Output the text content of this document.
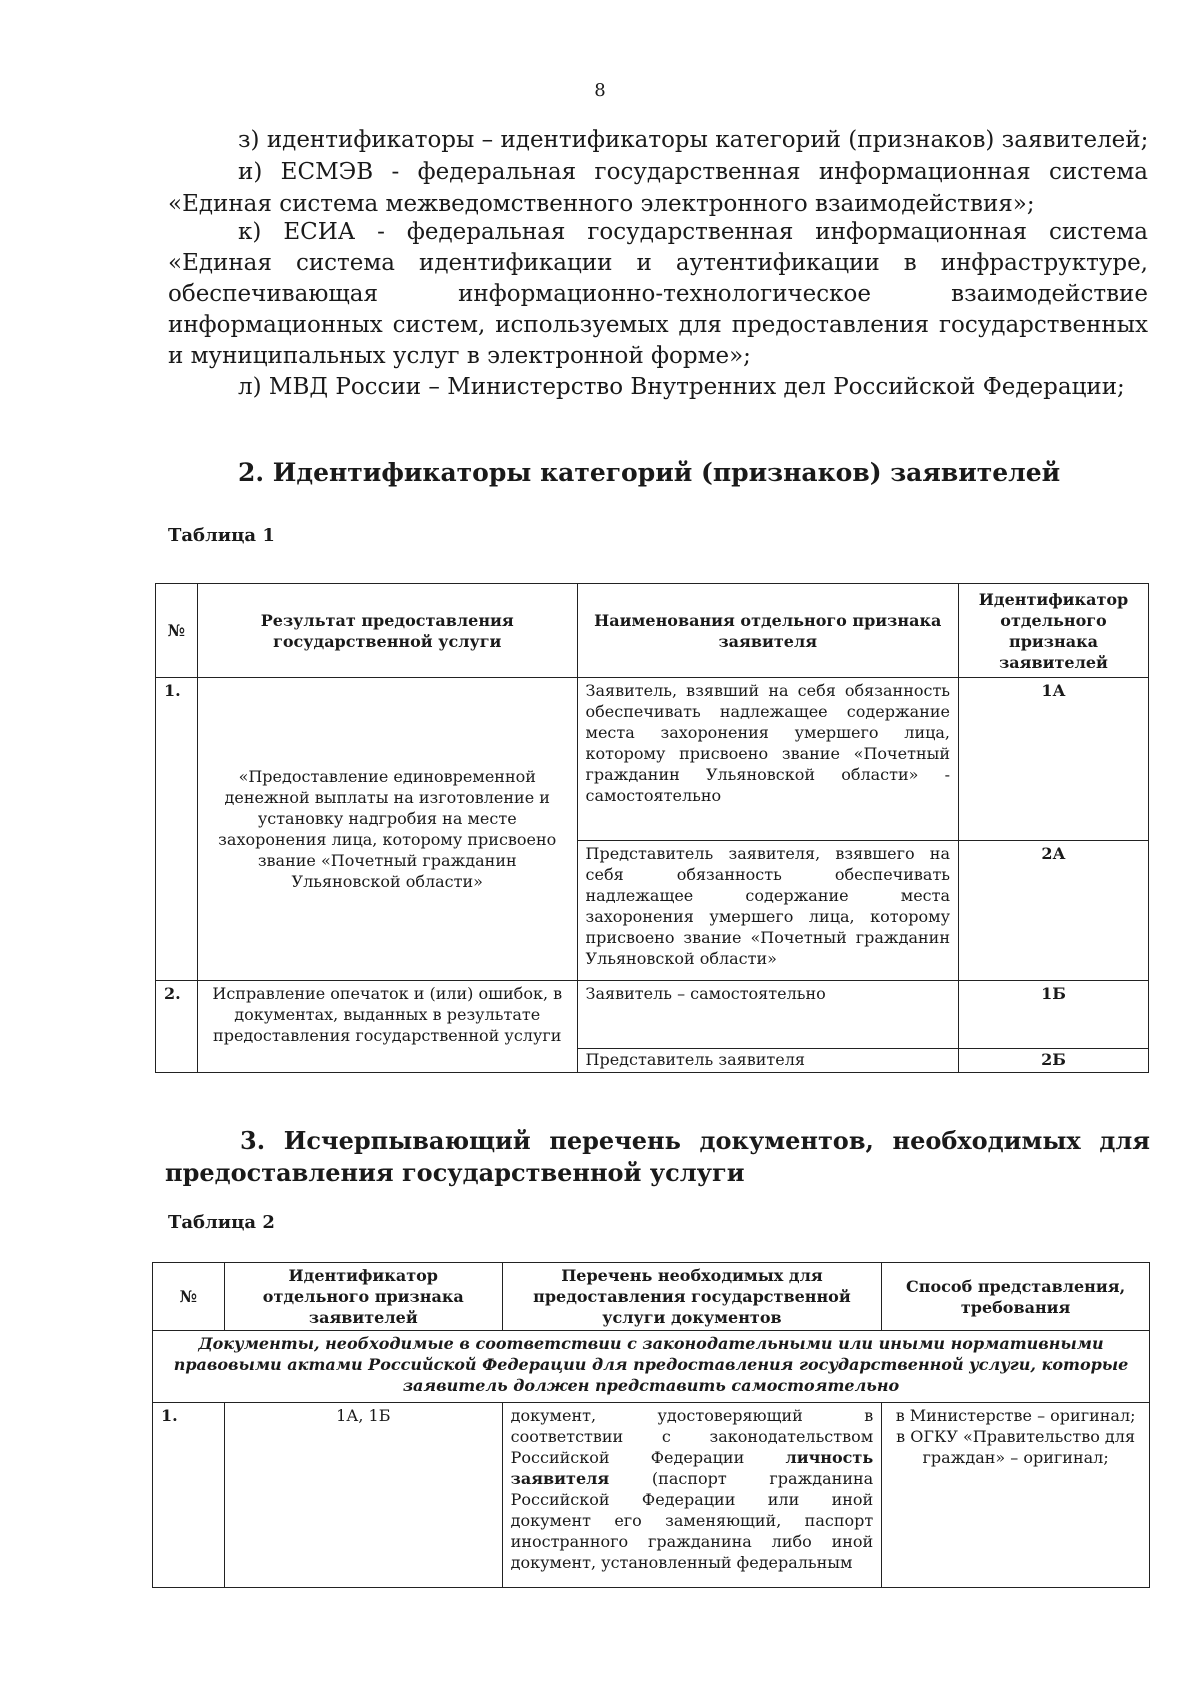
8
з) идентификаторы – идентификаторы категорий (признаков) заявителей;
и) ЕСМЭВ - федеральная государственная информационная система
«Единая система межведомственного электронного взаимодействия»;
к) ЕСИА - федеральная государственная информационная система
«Единая система идентификации и аутентификации в инфраструктуре,
обеспечивающая информационно-технологическое взаимодействие
информационных систем, используемых для предоставления государственных
и муниципальных услуг в электронной форме»;
л) МВД России – Министерство Внутренних дел Российской Федерации;
2. Идентификаторы категорий (признаков) заявителей
Таблица 1
№	Результат предоставления государственной услуги	Наименования отдельного признака заявителя	Идентификатор отдельного признака заявителей
1.	«Предоставление единовременной денежной выплаты на изготовление и установку надгробия на месте захоронения лица, которому присвоено звание «Почетный гражданин Ульяновской области»	Заявитель, взявший на себя обязанность обеспечивать надлежащее содержание места захоронения умершего лица, которому присвоено звание «Почетный гражданин Ульяновской области» - самостоятельно	1А
		Представитель заявителя, взявшего на себя обязанность обеспечивать надлежащее содержание места захоронения умершего лица, которому присвоено звание «Почетный гражданин Ульяновской области»	2А
2.	Исправление опечаток и (или) ошибок, в документах, выданных в результате предоставления государственной услуги	Заявитель – самостоятельно	1Б
		Представитель заявителя	2Б
3. Исчерпывающий перечень документов, необходимых для
предоставления государственной услуги
Таблица 2
№	Идентификатор отдельного признака заявителей	Перечень необходимых для предоставления государственной услуги документов	Способ представления, требования
Документы, необходимые в соответствии с законодательными или иными нормативными правовыми актами Российской Федерации для предоставления государственной услуги, которые заявитель должен представить самостоятельно			
1.	1А, 1Б	документ, удостоверяющий в соответствии с законодательством Российской Федерации личность заявителя (паспорт гражданина Российской Федерации или иной документ его заменяющий, паспорт иностранного гражданина либо иной документ, установленный федеральным	в Министерстве – оригинал; в ОГКУ «Правительство для граждан» – оригинал;
